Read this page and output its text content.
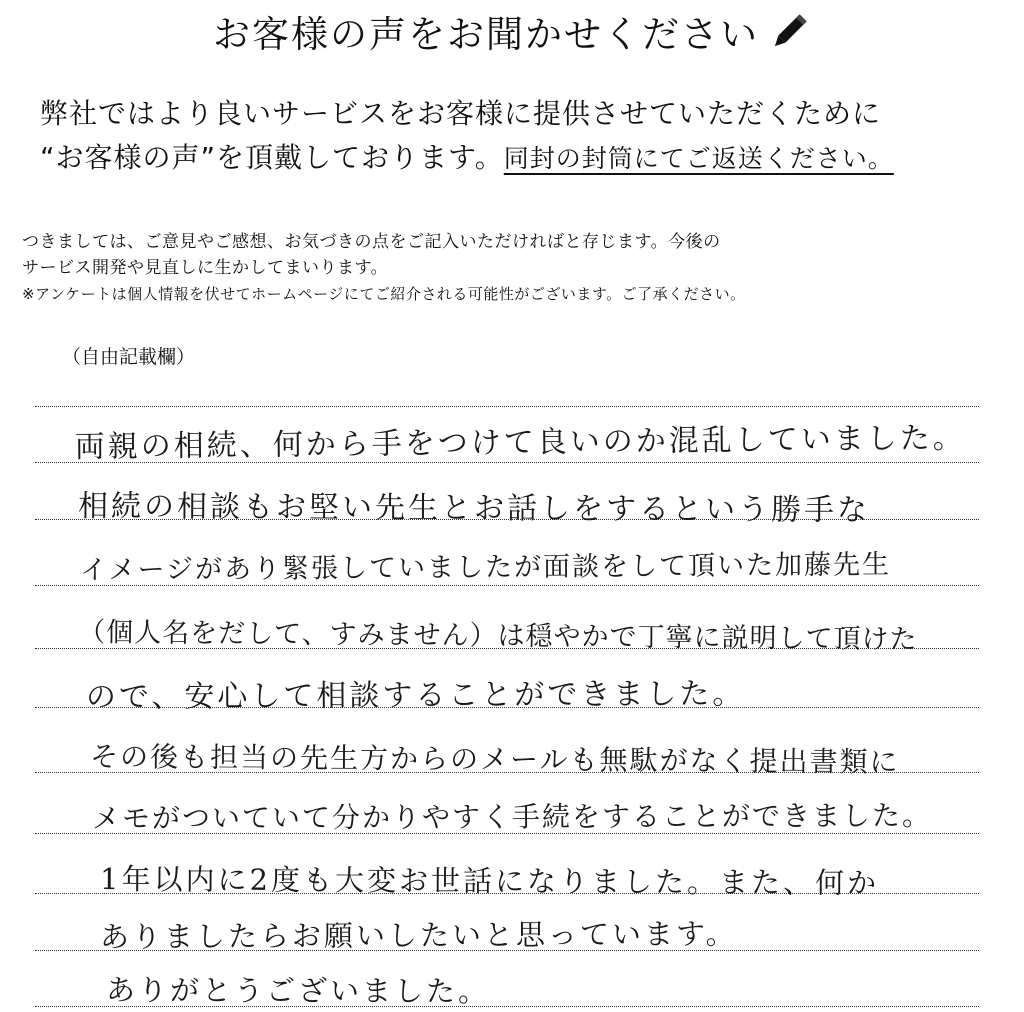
お客様の声をお聞かせください
弊社ではより良いサービスをお客様に提供させていただくために
“お客様の声”を頂戴しております。同封の封筒にてご返送ください。
つきましては、ご意見やご感想、お気づきの点をご記入いただければと存じます。今後の
サービス開発や見直しに生かしてまいります。
※アンケートは個人情報を伏せてホームページにてご紹介される可能性がございます。ご了承ください。
（自由記載欄）
両親の相続、何から手をつけて良いのか混乱していました。
相続の相談もお堅い先生とお話しをするという勝手な
イメージがあり緊張していましたが面談をして頂いた加藤先生
（個人名をだして、すみません）は穏やかで丁寧に説明して頂けた
ので、安心して相談することができました。
その後も担当の先生方からのメールも無駄がなく提出書類に
メモがついていて分かりやすく手続をすることができました。
1年以内に2度も大変お世話になりました。また、何か
ありましたらお願いしたいと思っています。
ありがとうございました。
